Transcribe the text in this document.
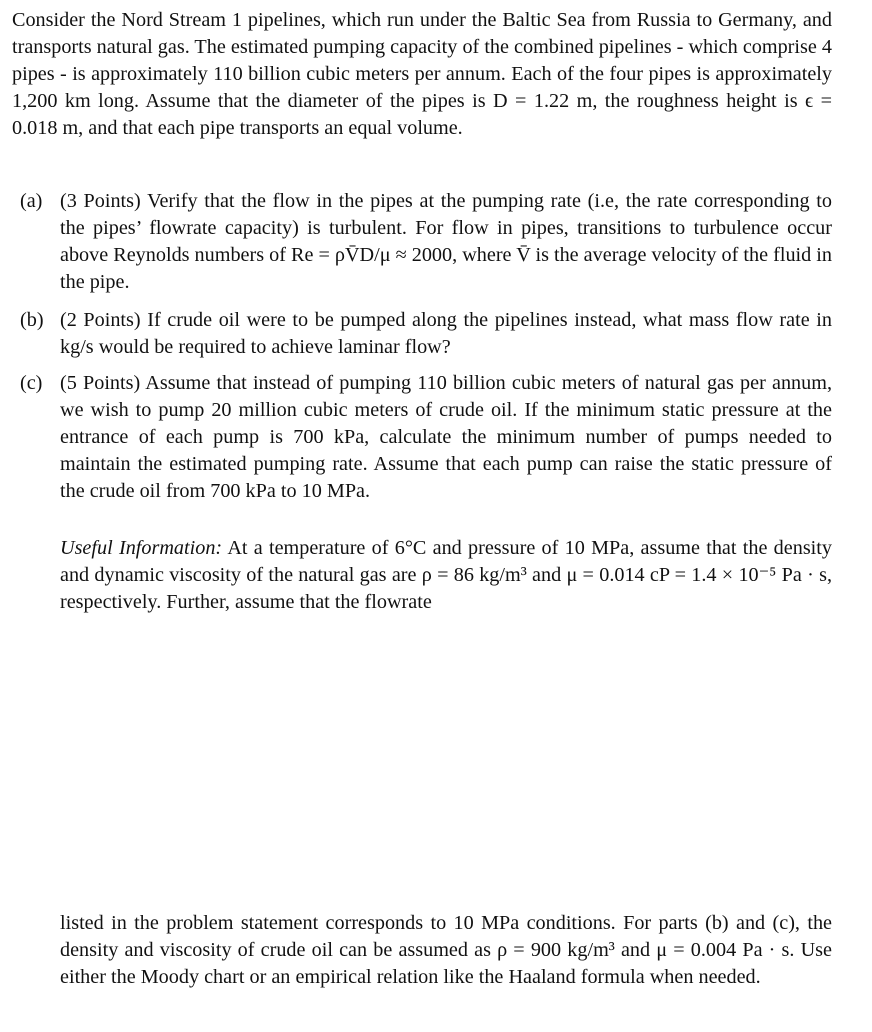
Consider the Nord Stream 1 pipelines, which run under the Baltic Sea from Russia to Germany, and transports natural gas. The estimated pumping capacity of the combined pipelines - which comprise 4 pipes - is approximately 110 billion cubic meters per annum. Each of the four pipes is approximately 1,200 km long. Assume that the diameter of the pipes is D = 1.22 m, the roughness height is ϵ = 0.018 m, and that each pipe transports an equal volume.

(a) (3 Points) Verify that the flow in the pipes at the pumping rate (i.e, the rate corresponding to the pipes’ flowrate capacity) is turbulent. For flow in pipes, transitions to turbulence occur above Reynolds numbers of Re = ρV̄D/μ ≈ 2000, where V̄ is the average velocity of the fluid in the pipe.

(b) (2 Points) If crude oil were to be pumped along the pipelines instead, what mass flow rate in kg/s would be required to achieve laminar flow?

(c) (5 Points) Assume that instead of pumping 110 billion cubic meters of natural gas per annum, we wish to pump 20 million cubic meters of crude oil. If the minimum static pressure at the entrance of each pump is 700 kPa, calculate the minimum number of pumps needed to maintain the estimated pumping rate. Assume that each pump can raise the static pressure of the crude oil from 700 kPa to 10 MPa.

Useful Information: At a temperature of 6°C and pressure of 10 MPa, assume that the density and dynamic viscosity of the natural gas are ρ = 86 kg/m³ and μ = 0.014 cP = 1.4 × 10⁻⁵ Pa · s, respectively. Further, assume that the flowrate

listed in the problem statement corresponds to 10 MPa conditions. For parts (b) and (c), the density and viscosity of crude oil can be assumed as ρ = 900 kg/m³ and μ = 0.004 Pa · s. Use either the Moody chart or an empirical relation like the Haaland formula when needed.
